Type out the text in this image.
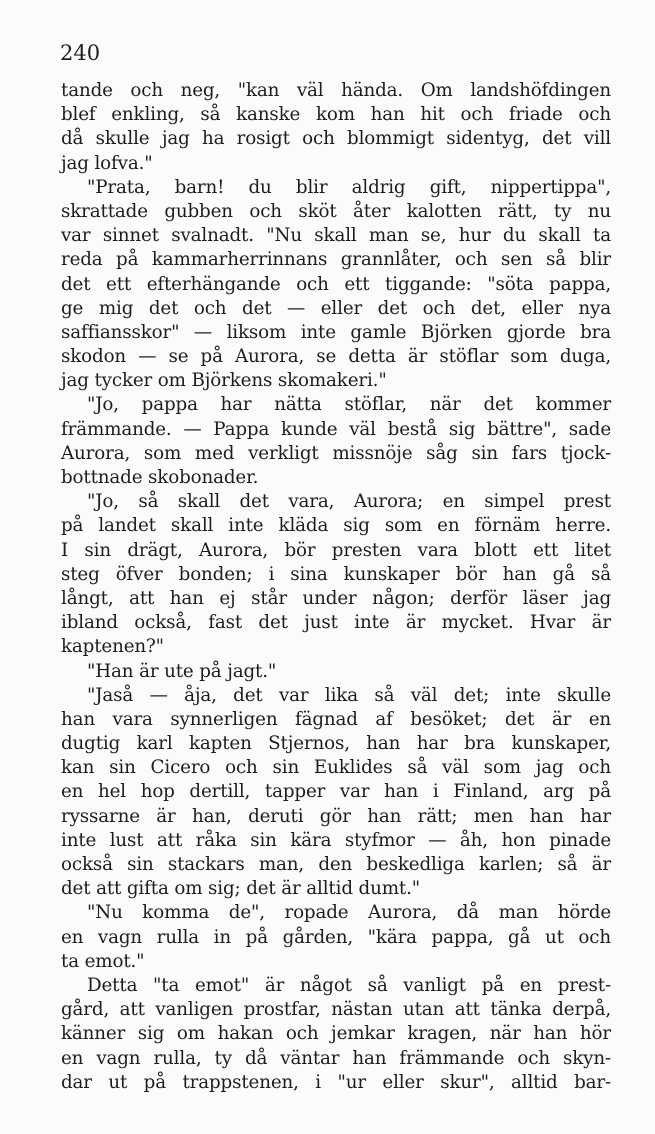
240
tande och neg, "kan väl hända. Om landshöfdingen
blef enkling, så kanske kom han hit och friade och
då skulle jag ha rosigt och blommigt sidentyg, det vill
jag lofva."
"Prata, barn! du blir aldrig gift, nippertippa",
skrattade gubben och sköt åter kalotten rätt, ty nu
var sinnet svalnadt. "Nu skall man se, hur du skall ta
reda på kammarherrinnans grannlåter, och sen så blir
det ett efterhängande och ett tiggande: "söta pappa,
ge mig det och det — eller det och det, eller nya
saffiansskor" — liksom inte gamle Björken gjorde bra
skodon — se på Aurora, se detta är stöflar som duga,
jag tycker om Björkens skomakeri."
"Jo, pappa har nätta stöflar, när det kommer
främmande. — Pappa kunde väl bestå sig bättre", sade
Aurora, som med verkligt missnöje såg sin fars tjock-
bottnade skobonader.
"Jo, så skall det vara, Aurora; en simpel prest
på landet skall inte kläda sig som en förnäm herre.
I sin drägt, Aurora, bör presten vara blott ett litet
steg öfver bonden; i sina kunskaper bör han gå så
långt, att han ej står under någon; derför läser jag
ibland också, fast det just inte är mycket. Hvar är
kaptenen?"
"Han är ute på jagt."
"Jaså — åja, det var lika så väl det; inte skulle
han vara synnerligen fägnad af besöket; det är en
dugtig karl kapten Stjernos, han har bra kunskaper,
kan sin Cicero och sin Euklides så väl som jag och
en hel hop dertill, tapper var han i Finland, arg på
ryssarne är han, deruti gör han rätt; men han har
inte lust att råka sin kära styfmor — åh, hon pinade
också sin stackars man, den beskedliga karlen; så är
det att gifta om sig; det är alltid dumt."
"Nu komma de", ropade Aurora, då man hörde
en vagn rulla in på gården, "kära pappa, gå ut och
ta emot."
Detta "ta emot" är något så vanligt på en prest-
gård, att vanligen prostfar, nästan utan att tänka derpå,
känner sig om hakan och jemkar kragen, när han hör
en vagn rulla, ty då väntar han främmande och skyn-
dar ut på trappstenen, i "ur eller skur", alltid bar-
